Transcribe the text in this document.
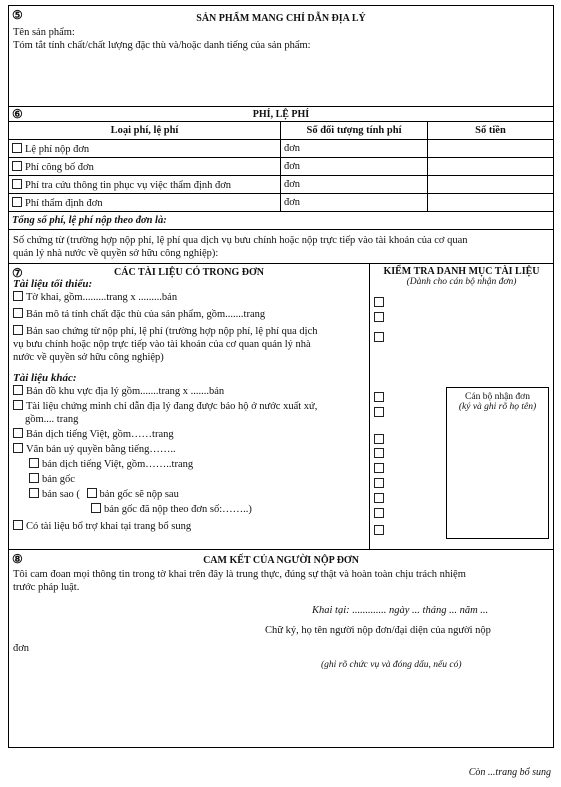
⑤	SẢN PHẨM MANG CHỈ DẪN ĐỊA LÝ
Tên sản phẩm:
Tóm tắt tính chất/chất lượng đặc thù và/hoặc danh tiếng của sản phẩm:
⑥	PHÍ, LỆ PHÍ
Loại phí, lệ phí	Số đối tượng tính phí	Số tiền
Lệ phí nộp đơn	đơn	
Phí công bố đơn	đơn	
Phí tra cứu thông tin phục vụ việc thẩm định đơn	đơn	
Phí thẩm định đơn	đơn	
Tổng số phí, lệ phí nộp theo đơn là:		
Số chứng từ (trường hợp nộp phí, lệ phí qua dịch vụ bưu chính hoặc nộp trực tiếp vào tài khoản của cơ quan
quản lý nhà nước về quyền sở hữu công nghiệp):
⑦	CÁC TÀI LIỆU CÓ TRONG ĐƠN
Tài liệu tối thiểu:
Tờ khai, gồm.........trang x .........bản
Bản mô tả tính chất đặc thù của sản phẩm, gồm.......trang
Bản sao chứng từ nộp phí, lệ phí (trường hợp nộp phí, lệ phí qua dịch
vụ bưu chính hoặc nộp trực tiếp vào tài khoản của cơ quan quản lý nhà
nước về quyền sở hữu công nghiệp)
Tài liệu khác:
Bản đồ khu vực địa lý gồm.......trang x .......bản
Tài liệu chứng minh chỉ dẫn địa lý đang được bảo hộ ở nước xuất xứ,
gồm.... trang
Bản dịch tiếng Việt, gồm……trang
Văn bản uỷ quyền bằng tiếng……..
bản dịch tiếng Việt, gồm……..trang
bản gốc
bản sao ( bản gốc sẽ nộp sau
bản gốc đã nộp theo đơn số:……..)
Có tài liệu bổ trợ khai tại trang bổ sung
KIỂM TRA DANH MỤC TÀI LIỆU
(Dành cho cán bộ nhận đơn)
Cán bộ nhận đơn
(ký và ghi rõ họ tên)
⑧	CAM KẾT CỦA NGƯỜI NỘP ĐƠN
Tôi cam đoan mọi thông tin trong tờ khai trên đây là trung thực, đúng sự thật và hoàn toàn chịu trách nhiệm
trước pháp luật.
Khai tại: ............. ngày ... tháng ... năm ...
Chữ ký, họ tên người nộp đơn/đại diện của người nộp
đơn
(ghi rõ chức vụ và đóng dấu, nếu có)
Còn ...trang bổ sung
